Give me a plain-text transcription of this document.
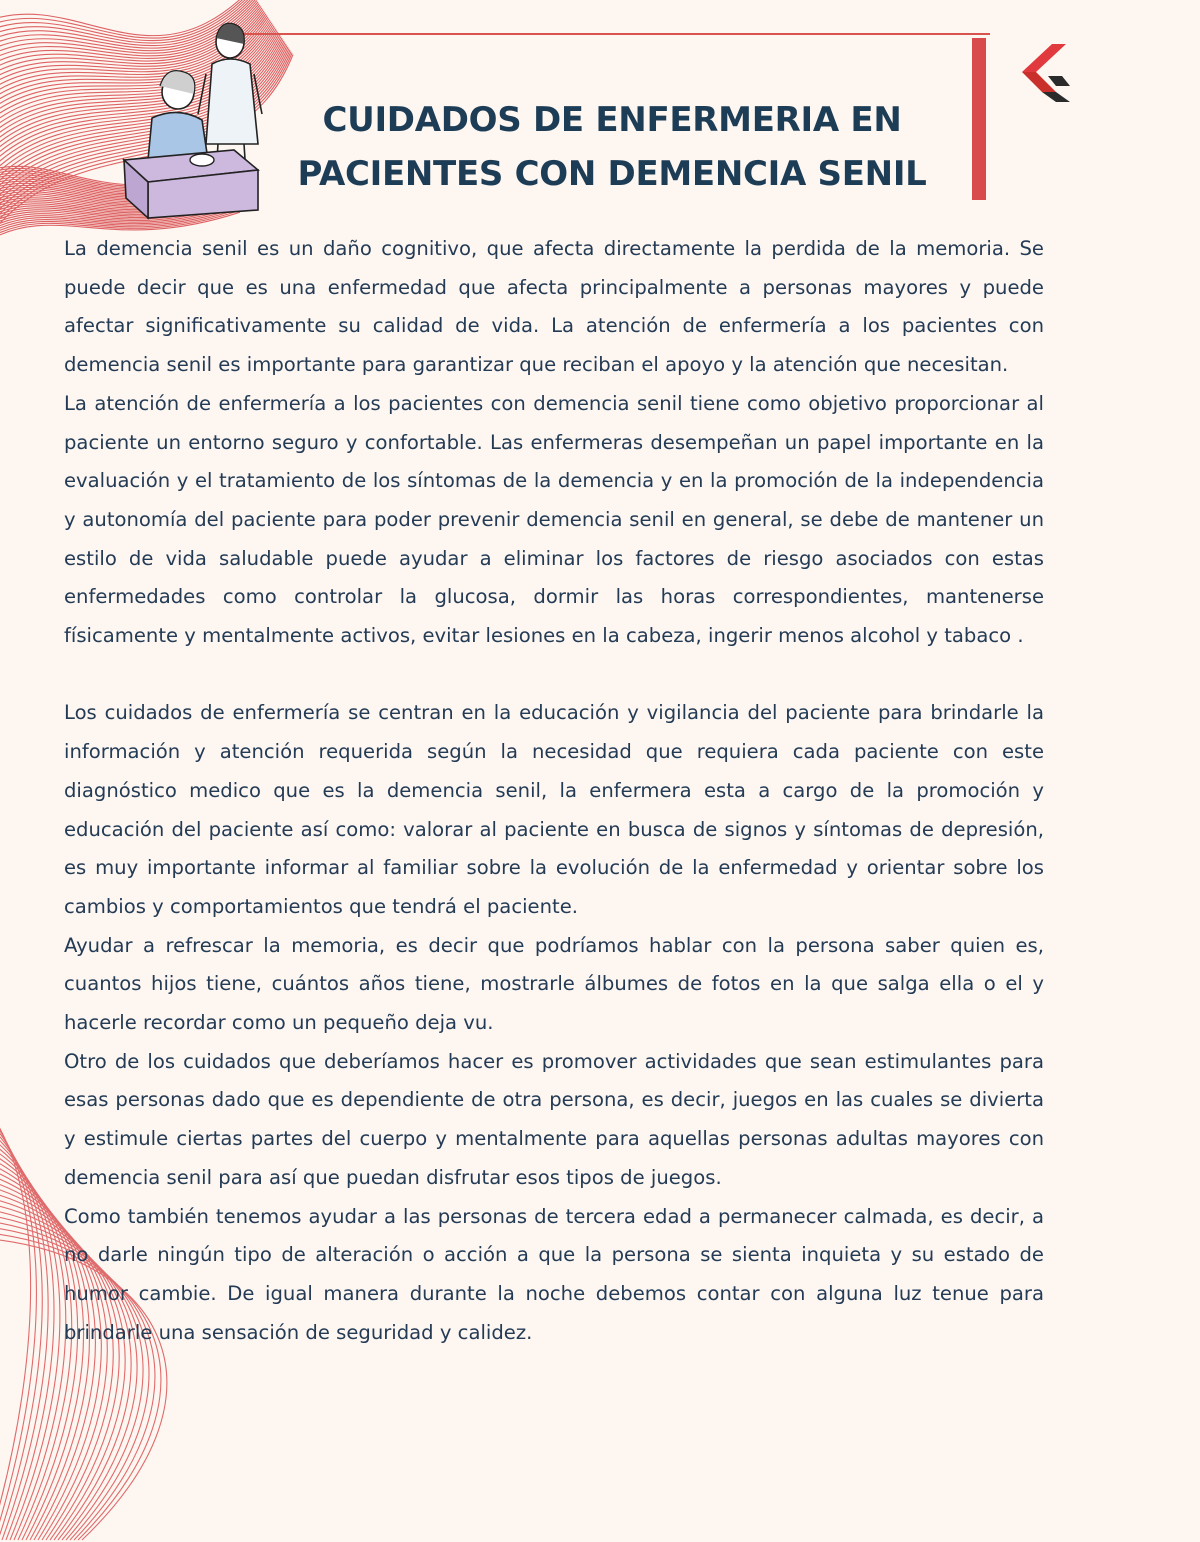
CUIDADOS DE ENFERMERIA EN
PACIENTES CON DEMENCIA SENIL

La demencia senil es un daño cognitivo, que afecta directamente la perdida de la memoria. Se puede decir que es una enfermedad que afecta principalmente a personas mayores y puede afectar significativamente su calidad de vida. La atención de enfermería a los pacientes con demencia senil es importante para garantizar que reciban el apoyo y la atención que necesitan.

La atención de enfermería a los pacientes con demencia senil tiene como objetivo proporcionar al paciente un entorno seguro y confortable. Las enfermeras desempeñan un papel importante en la evaluación y el tratamiento de los síntomas de la demencia y en la promoción de la independencia y autonomía del paciente para poder prevenir demencia senil en general, se debe de mantener un estilo de vida saludable puede ayudar a eliminar los factores de riesgo asociados con estas enfermedades como controlar la glucosa, dormir las horas correspondientes, mantenerse físicamente y mentalmente activos, evitar lesiones en la cabeza, ingerir menos alcohol y tabaco .

Los cuidados de enfermería se centran en la educación y vigilancia del paciente para brindarle la información y atención requerida según la necesidad que requiera cada paciente con este diagnóstico medico que es la demencia senil, la enfermera esta a cargo de la promoción y educación del paciente así como: valorar al paciente en busca de signos y síntomas de depresión, es muy importante informar al familiar sobre la evolución de la enfermedad y orientar sobre los cambios y comportamientos que tendrá el paciente.

Ayudar a refrescar la memoria, es decir que podríamos hablar con la persona saber quien es, cuantos hijos tiene, cuántos años tiene, mostrarle álbumes de fotos en la que salga ella o el y hacerle recordar como un pequeño deja vu.

Otro de los cuidados que deberíamos hacer es promover actividades que sean estimulantes para esas personas dado que es dependiente de otra persona, es decir, juegos en las cuales se divierta y estimule ciertas partes del cuerpo y mentalmente para aquellas personas adultas mayores con demencia senil para así que puedan disfrutar esos tipos de juegos.

Como también tenemos ayudar a las personas de tercera edad a permanecer calmada, es decir, a no darle ningún tipo de alteración o acción a que la persona se sienta inquieta y su estado de humor cambie. De igual manera durante la noche debemos contar con alguna luz tenue para brindarle una sensación de seguridad y calidez.
